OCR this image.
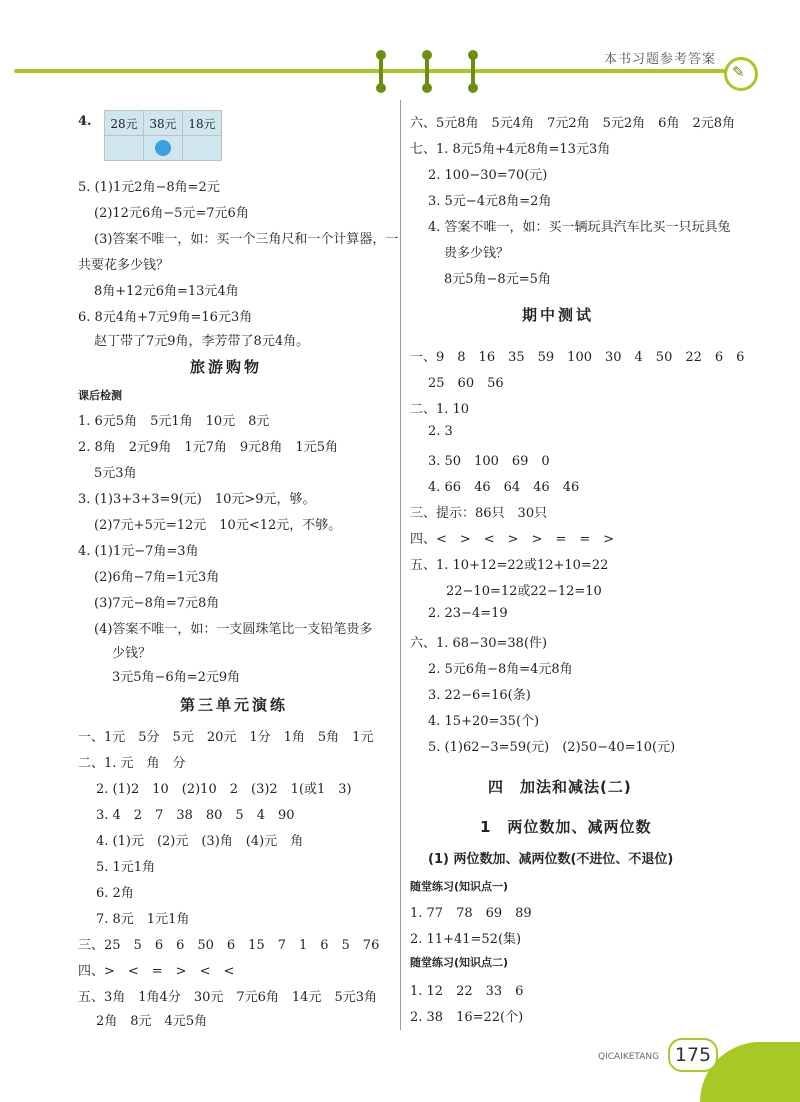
本书习题参考答案
✎
4. 28元	38元	18元

5. (1)1元2角−8角=2元
(2)12元6角−5元=7元6角
(3)答案不唯一，如：买一个三角尺和一个计算器，一
共要花多少钱？
8角+12元6角=13元4角
6. 8元4角+7元9角=16元3角
赵丁带了7元9角，李芳带了8元4角。
旅游购物
课后检测
1. 6元5角　5元1角　10元　8元
2. 8角　2元9角　1元7角　9元8角　1元5角
5元3角
3. (1)3+3+3=9(元)　10元>9元，够。
(2)7元+5元=12元　10元<12元，不够。
4. (1)1元−7角=3角
(2)6角−7角=1元3角
(3)7元−8角=7元8角
(4)答案不唯一，如：一支圆珠笔比一支铅笔贵多
少钱？
3元5角−6角=2元9角
第三单元演练
一、1元　5分　5元　20元　1分　1角　5角　1元
二、1. 元　角　分
2. (1)2　10　(2)10　2　(3)2　1(或1　3)
3. 4　2　7　38　80　5　4　90
4. (1)元　(2)元　(3)角　(4)元　角
5. 1元1角
6. 2角
7. 8元　1元1角
三、25　5　6　6　50　6　15　7　1　6　5　76
四、>　<　=　>　<　<
五、3角　1角4分　30元　7元6角　14元　5元3角
2角　8元　4元5角
六、5元8角　5元4角　7元2角　5元2角　6角　2元8角
七、1. 8元5角+4元8角=13元3角
2. 100−30=70(元)
3. 5元−4元8角=2角
4. 答案不唯一，如：买一辆玩具汽车比买一只玩具兔
贵多少钱？
8元5角−8元=5角
期中测试
一、9　8　16　35　59　100　30　4　50　22　6　6
25　60　56
二、1. 10
2. 3
3. 50　100　69　0
4. 66　46　64　46　46
三、提示：86只　30只
四、<　>　<　>　>　=　=　>
五、1. 10+12=22或12+10=22
22−10=12或22−12=10
2. 23−4=19
六、1. 68−30=38(件)
2. 5元6角−8角=4元8角
3. 22−6=16(条)
4. 15+20=35(个)
5. (1)62−3=59(元)　(2)50−40=10(元)
四　加法和减法(二)
1　两位数加、减两位数
(1) 两位数加、减两位数(不进位、不退位)
随堂练习(知识点一)
1. 77　78　69　89
2. 11+41=52(集)
随堂练习(知识点二)
1. 12　22　33　6
2. 38　16=22(个)
QICAIKETANG 175
